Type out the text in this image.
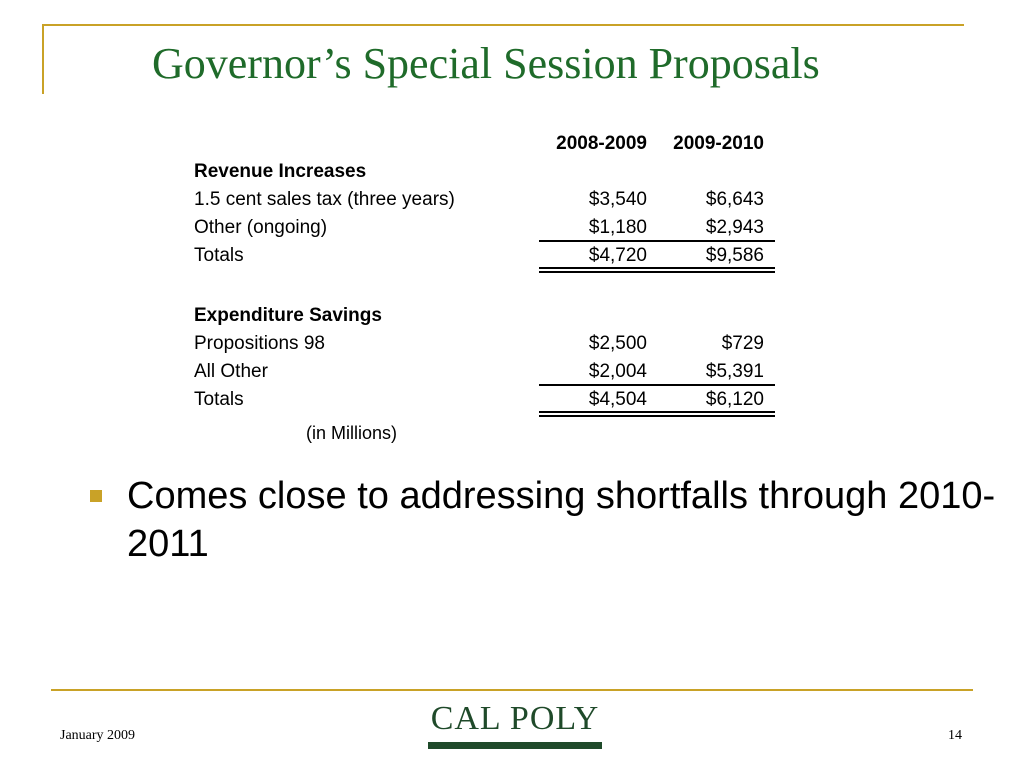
Governor’s Special Session Proposals
2008-2009	2009-2010
Revenue Increases
1.5 cent sales tax (three years)	$3,540	$6,643
Other (ongoing)	$1,180	$2,943
Totals	$4,720	$9,586
Expenditure Savings
Propositions 98	$2,500	$729
All Other	$2,004	$5,391
Totals	$4,504	$6,120
(in Millions)
Comes close to addressing shortfalls through 2010-2011
January 2009	CAL POLY	14
